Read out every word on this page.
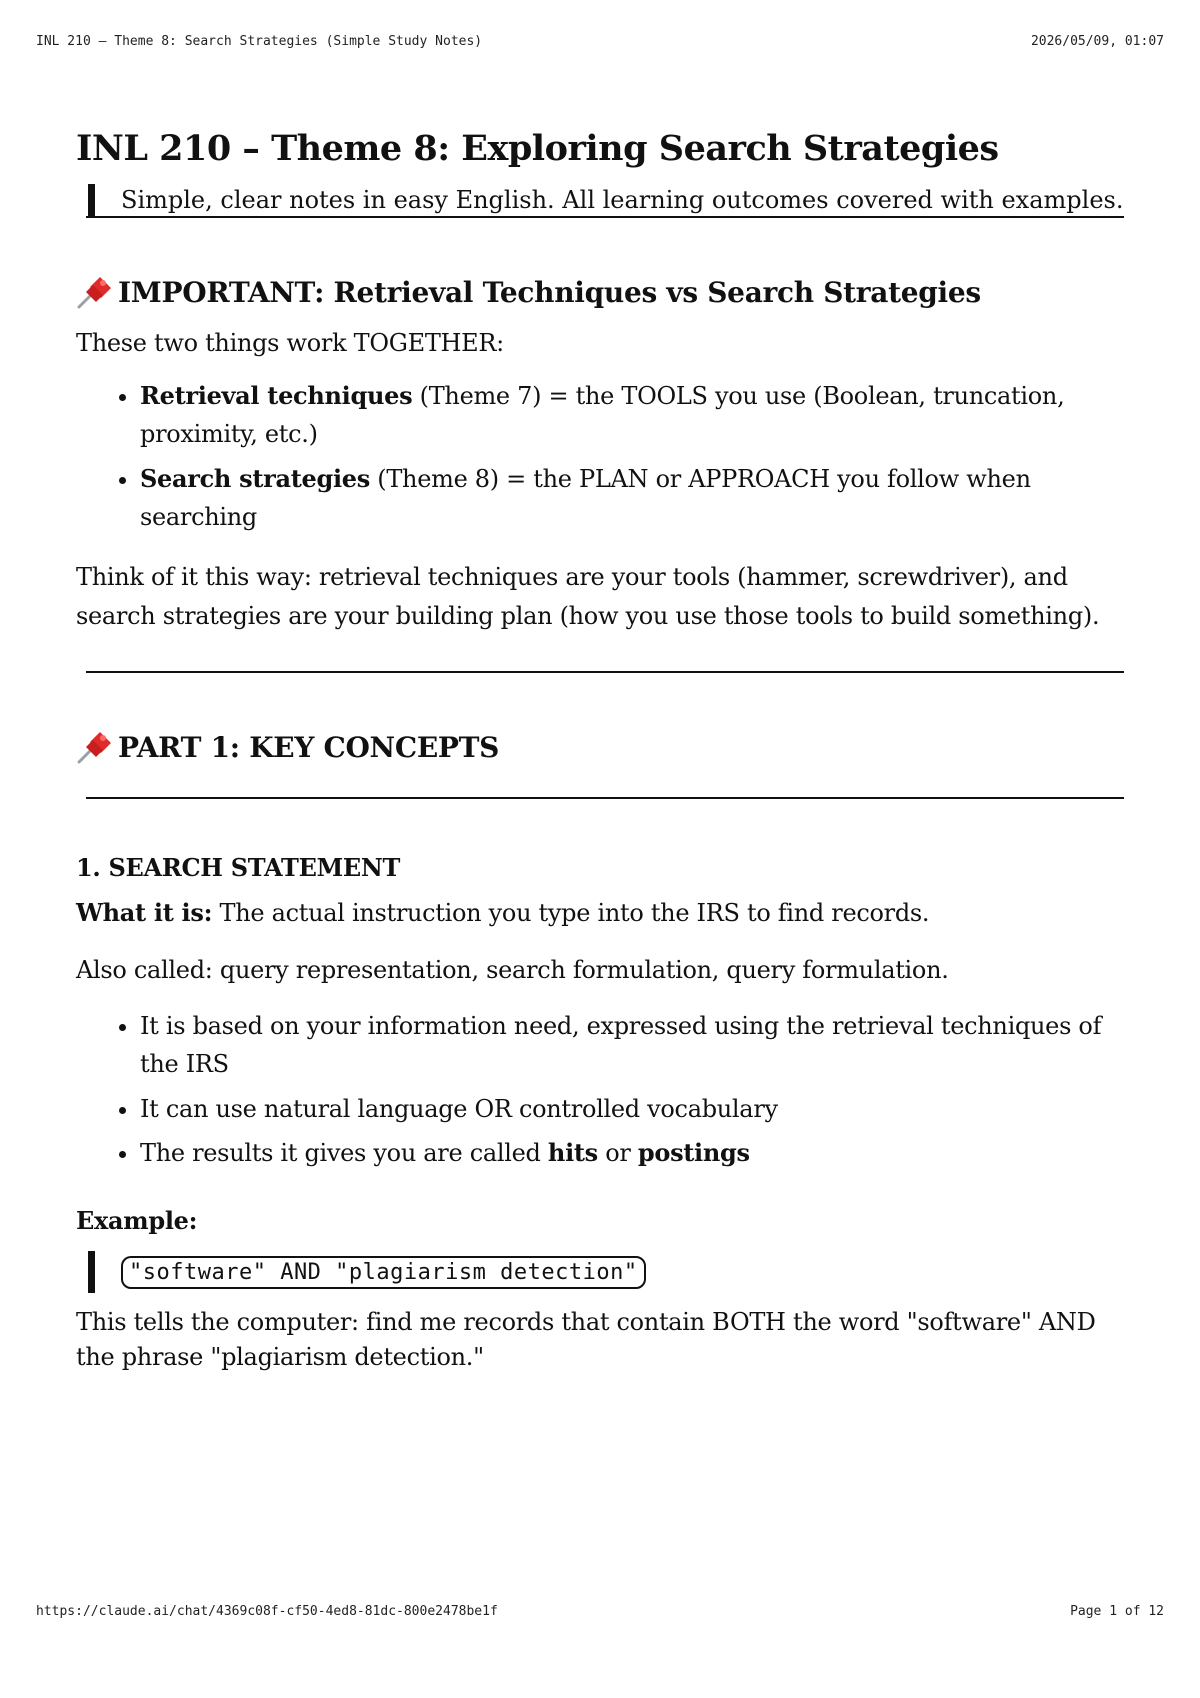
INL 210 – Theme 8: Search Strategies (Simple Study Notes)	2026/05/09, 01:07
INL 210 – Theme 8: Exploring Search Strategies
Simple, clear notes in easy English. All learning outcomes covered with examples.
IMPORTANT: Retrieval Techniques vs Search Strategies

These two things work TOGETHER:

• Retrieval techniques (Theme 7) = the TOOLS you use (Boolean, truncation, proximity, etc.)
• Search strategies (Theme 8) = the PLAN or APPROACH you follow when searching

Think of it this way: retrieval techniques are your tools (hammer, screwdriver), and search strategies are your building plan (how you use those tools to build something).

PART 1: KEY CONCEPTS
1. SEARCH STATEMENT

What it is: The actual instruction you type into the IRS to find records.

Also called: query representation, search formulation, query formulation.

• It is based on your information need, expressed using the retrieval techniques of the IRS
• It can use natural language OR controlled vocabulary
• The results it gives you are called hits or postings
Example:
"software" AND "plagiarism detection"

This tells the computer: find me records that contain BOTH the word "software" AND the phrase "plagiarism detection."

https://claude.ai/chat/4369c08f-cf50-4ed8-81dc-800e2478be1f	Page 1 of 12
